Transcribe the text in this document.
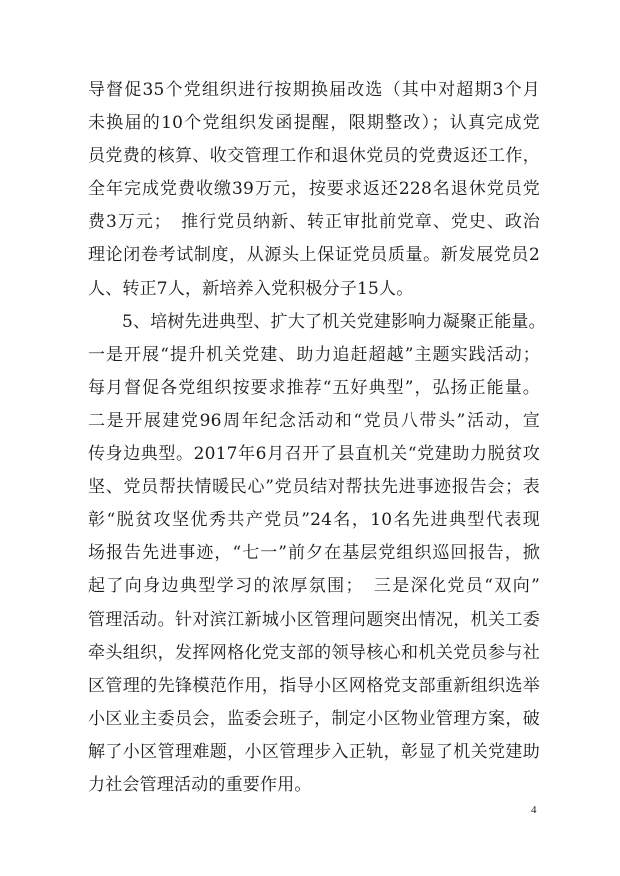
导督促35个党组织进行按期换届改选（其中对超期3个月
未换届的10个党组织发函提醒，限期整改）；认真完成党
员党费的核算、收交管理工作和退休党员的党费返还工作，
全年完成党费收缴39万元，按要求返还228名退休党员党
费3万元；　推行党员纳新、转正审批前党章、党史、政治
理论闭卷考试制度，从源头上保证党员质量。新发展党员2
人、转正7人，新培养入党积极分子15人。
5、培树先进典型、扩大了机关党建影响力凝聚正能量。
一是开展“提升机关党建、助力追赶超越”主题实践活动；
每月督促各党组织按要求推荐“五好典型”，弘扬正能量。
二是开展建党96周年纪念活动和“党员八带头”活动，宣
传身边典型。2017年6月召开了县直机关“党建助力脱贫攻
坚、党员帮扶情暖民心”党员结对帮扶先进事迹报告会；表
彰“脱贫攻坚优秀共产党员”24名，10名先进典型代表现
场报告先进事迹，“七一”前夕在基层党组织巡回报告，掀
起了向身边典型学习的浓厚氛围；　三是深化党员“双向”
管理活动。针对滨江新城小区管理问题突出情况，机关工委
牵头组织，发挥网格化党支部的领导核心和机关党员参与社
区管理的先锋模范作用，指导小区网格党支部重新组织选举
小区业主委员会，监委会班子，制定小区物业管理方案，破
解了小区管理难题，小区管理步入正轨，彰显了机关党建助
力社会管理活动的重要作用。
4
